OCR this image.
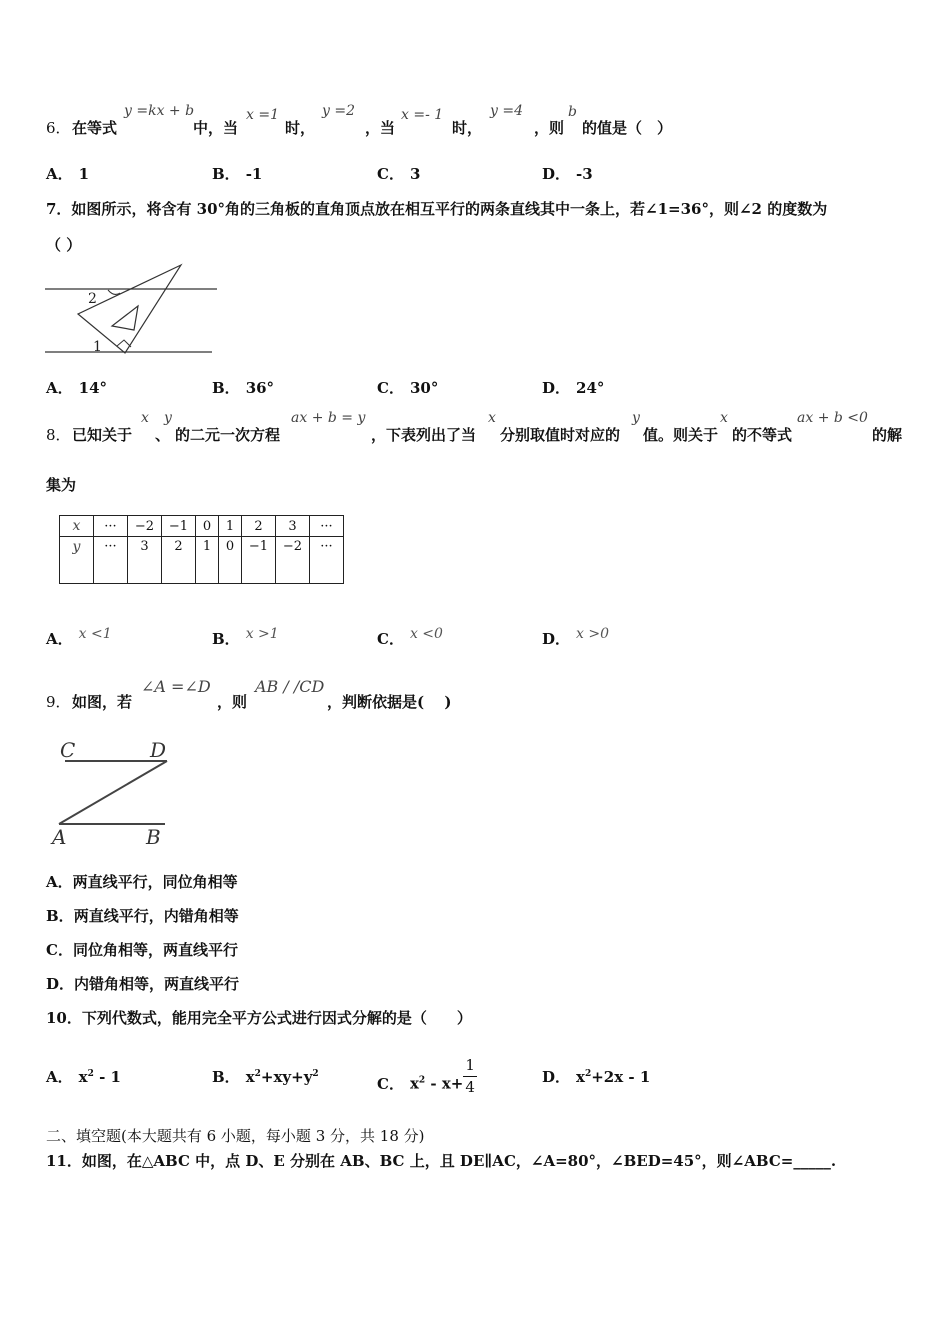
6． 在等式
y =kx + b
中，当
x =1
时，
y =2
，当
x =- 1
时，
y =4
，则
b
的值是（　）
A． 1	B． -1	C． 3	D． -3
7．如图所示，将含有 30°角的三角板的直角顶点放在相互平行的两条直线其中一条上，若∠1=36°，则∠2 的度数为
（ ）
2
1
A． 14°	B． 36°	C． 30°	D． 24°
8． 已知关于
x
、
y
的二元一次方程
ax + b = y
，下表列出了当
x
分别取值时对应的
y
值。则关于
x
的不等式
ax + b <0
的解
集为
x	···	−2	−1	0	1	2	3	···
y	···	3	2	1	0	−1	−2	···
A． x <1	B． x >1	C． x <0	D． x >0
9． 如图，若
∠A =∠D
，则
AB / /CD
，判断依据是(　 )
C	D
A	B
A．两直线平行，同位角相等
B．两直线平行，内错角相等
C．同位角相等，两直线平行
D．内错角相等，两直线平行
10．下列代数式，能用完全平方公式进行因式分解的是（　　）
A． $x^2 - 1$	B． $x^2+xy+y^2$
C． $x^2 - x+ \frac{1}{4}$	D． $x^2+2x - 1$
二、填空题(本大题共有 6 小题，每小题 3 分，共 18 分)
11．如图，在△ABC 中，点 D、E 分别在 AB、BC 上，且 DE∥AC，∠A=80°，∠BED=45°，则∠ABC=_____.
